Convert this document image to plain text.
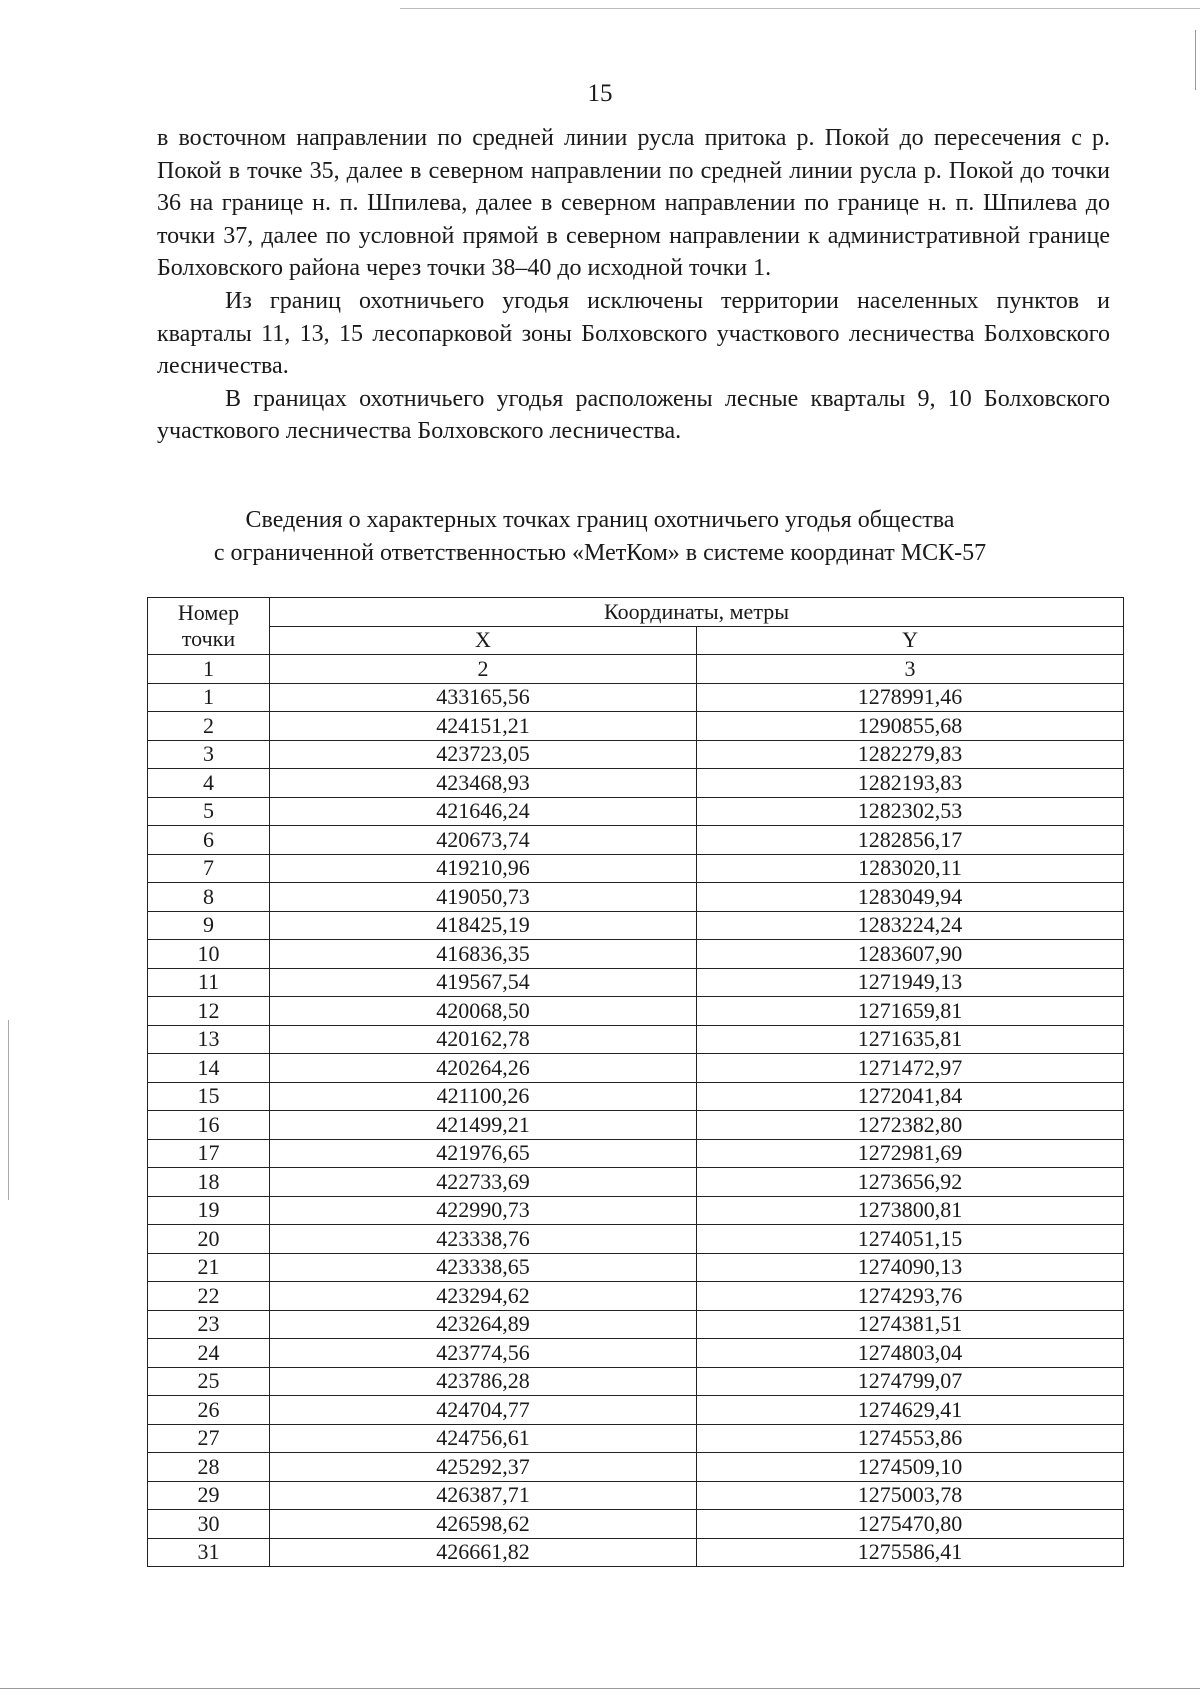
15

в восточном направлении по средней линии русла притока р. Покой до пересечения с р. Покой в точке 35, далее в северном направлении по средней линии русла р. Покой до точки 36 на границе н. п. Шпилева, далее в северном направлении по границе н. п. Шпилева до точки 37, далее по условной прямой в северном направлении к административной границе Болховского района через точки 38–40 до исходной точки 1.

Из границ охотничьего угодья исключены территории населенных пунктов и кварталы 11, 13, 15 лесопарковой зоны Болховского участкового лесничества Болховского лесничества.

В границах охотничьего угодья расположены лесные кварталы 9, 10 Болховского участкового лесничества Болховского лесничества.

Сведения о характерных точках границ охотничьего угодья общества
с ограниченной ответственностью «МетКом» в системе координат МСК-57
Номер
точки	Координаты, метры	
	X	Y
1	2	3
1	433165,56	1278991,46
2	424151,21	1290855,68
3	423723,05	1282279,83
4	423468,93	1282193,83
5	421646,24	1282302,53
6	420673,74	1282856,17
7	419210,96	1283020,11
8	419050,73	1283049,94
9	418425,19	1283224,24
10	416836,35	1283607,90
11	419567,54	1271949,13
12	420068,50	1271659,81
13	420162,78	1271635,81
14	420264,26	1271472,97
15	421100,26	1272041,84
16	421499,21	1272382,80
17	421976,65	1272981,69
18	422733,69	1273656,92
19	422990,73	1273800,81
20	423338,76	1274051,15
21	423338,65	1274090,13
22	423294,62	1274293,76
23	423264,89	1274381,51
24	423774,56	1274803,04
25	423786,28	1274799,07
26	424704,77	1274629,41
27	424756,61	1274553,86
28	425292,37	1274509,10
29	426387,71	1275003,78
30	426598,62	1275470,80
31	426661,82	1275586,41
